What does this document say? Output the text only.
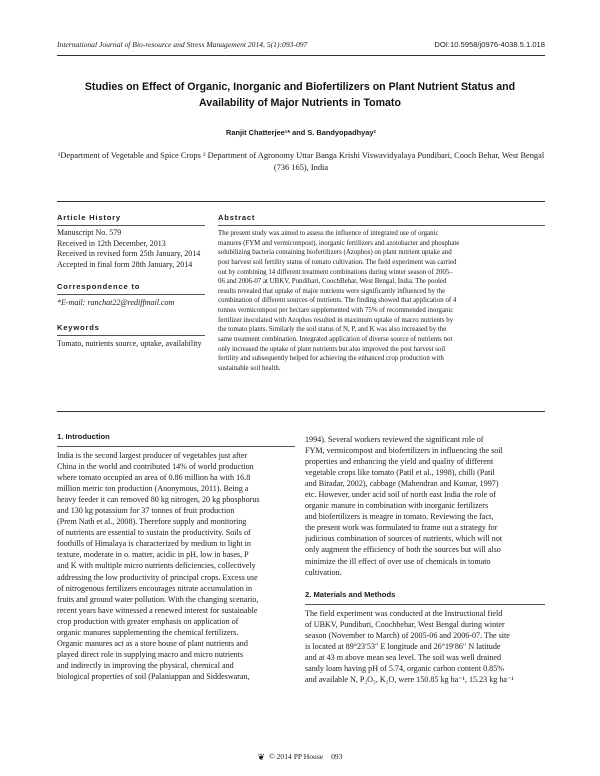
International Journal of Bio-resource and Stress Management 2014, 5(1):093-097	DOI:10.5958/j0976-4038.5.1.018
Studies on Effect of Organic, Inorganic and Biofertilizers on Plant Nutrient Status and Availability of Major Nutrients in Tomato
Ranjit Chatterjee¹* and S. Bandyopadhyay²
¹Department of Vegetable and Spice Crops ² Department of Agronomy Uttar Banga Krishi Viswavidyalaya Pundibari, Cooch Behar, West Bengal (736 165), India
Article History
Manuscript No. 579
Received in 12th December, 2013
Received in revised form 25th January, 2014
Accepted in final form 28th January, 2014
Correspondence to
*E-mail: ranchat22@rediffmail.com
Keywords
Tomato, nutrients source, uptake, availability
Abstract
The present study was aimed to assess the influence of integrated use of organic
manures (FYM and vermicompost), inorganic fertilizers and azotobacter and phosphate
solubilizing bacteria containing biofertilizers (Azophos) on plant nutrient uptake and
post harvest soil fertility status of tomato cultivation. The field experiment was carried
out by combining 14 different treatment combinations during winter season of 2005–
06 and 2006-07 at UBKV, Pundibari, CoochBehar, West Bengal, India. The pooled
results revealed that uptake of major nutrients were significantly influenced by the
combination of different sources of nutrients. The finding showed that application of 4
tonnes vermicompost per hectare supplemented with 75% of recommended inorganic
fertilizer inoculated with Azophos resulted in maximum uptake of macro nutrients by
the tomato plants. Similarly the soil status of N, P, and K was also increased by the
same treatment combination. Integrated application of diverse source of nutrients not
only increased the uptake of plant nutrients but also improved the post harvest soil
fertility and subsequently helped for achieving the enhanced crop production with
sustainable soil health.
1. Introduction
India is the second largest producer of vegetables just after
China in the world and contributed 14% of world production
where tomato occupied an area of 0.86 million ha with 16.8
million metric ton production (Anonymous, 2011). Being a
heavy feeder it can removed 80 kg nitrogen, 20 kg phosphorus
and 130 kg potassium for 37 tonnes of fruit production
(Prem Nath et al., 2008). Therefore supply and monitoring
of nutrients are essential to sustain the productivity. Soils of
foothills of Himalaya is characterized by medium to light in
texture, moderate in o. matter, acidic in pH, low in bases, P
and K with multiple micro nutrients deficiencies, collectively
addressing the low productivity of principal crops. Excess use
of nitrogenous fertilizers encourages nitrate accumulation in
fruits and ground water pollution. With the changing scenario,
recent years have witnessed a renewed interest for sustainable
crop production with greater emphasis on application of
organic manures supplementing the chemical fertilizers.
Organic manures act as a store house of plant nutrients and
played direct role in supplying macro and micro nutrients
and indirectly in improving the physical, chemical and
biological properties of soil (Palaniappan and Siddeswaran,
1994). Several workers reviewed the significant role of
FYM, vermicompost and biofertilizers in influencing the soil
properties and enhancing the yield and quality of different
vegetable crops like tomato (Patil et al., 1998), chilli (Patil
and Biradar, 2002), cabbage (Mahendran and Kumar, 1997)
etc. However, under acid soil of north east India the role of
organic manure in combination with inorganic fertilizers
and biofertilizers is meagre in tomato. Reviewing the fact,
the present work was formulated to frame out a strategy for
judicious combination of sources of nutrients, which will not
only augment the efficiency of both the sources but will also
minimize the ill effect of over use of chemicals in tomato
cultivation.
2. Materials and Methods
The field experiment was conducted at the Instructional field
of UBKV, Pundibari, Coochbehar, West Bengal during winter
season (November to March) of 2005-06 and 2006-07. The site
is located at 89°23′53″ E longitude and 26°19′86″ N latitude
and at 43 m above mean sea level. The soil was well drained
sandy loam having pH of 5.74, organic carbon content 0.85%
and available N, P₂O₅, K₂O, were 150.85 kg ha⁻¹, 15.23 kg ha⁻¹
❦ © 2014 PP House 093
